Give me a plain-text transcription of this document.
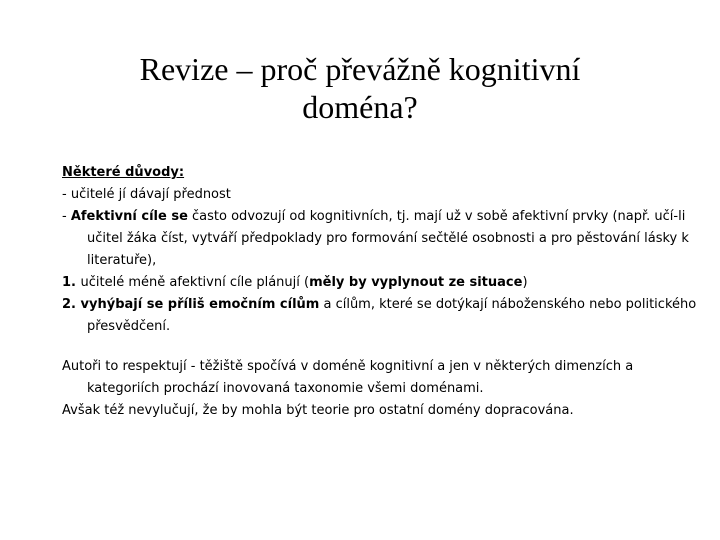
Revize – proč převážně kognitivní
doména?

Některé důvody:

- učitelé jí dávají přednost

- Afektivní cíle se často odvozují od kognitivních, tj. mají už v sobě afektivní prvky (např. učí-li učitel žáka číst, vytváří předpoklady pro formování sečtělé osobnosti a pro pěstování lásky k literatuře),

1. učitelé méně afektivní cíle plánují (měly by vyplynout ze situace)

2. vyhýbají se příliš emočním cílům a cílům, které se dotýkají náboženského nebo politického přesvědčení.

Autoři to respektují - těžiště spočívá v doméně kognitivní a jen v některých dimenzích a kategoriích prochází inovovaná taxonomie všemi doménami.

Avšak též nevylučují, že by mohla být teorie pro ostatní domény dopracována.
